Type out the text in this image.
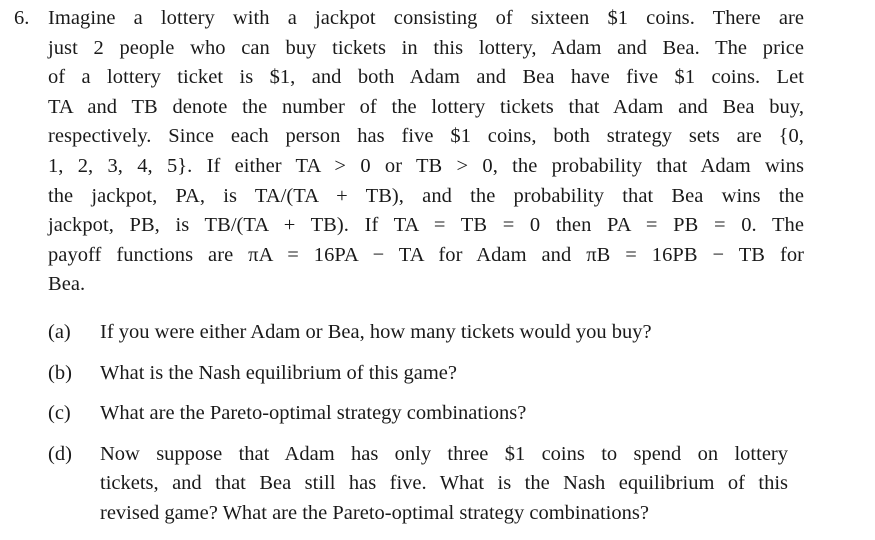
6. Imagine a lottery with a jackpot consisting of sixteen $1 coins. There are
just 2 people who can buy tickets in this lottery, Adam and Bea. The price
of a lottery ticket is $1, and both Adam and Bea have five $1 coins. Let
TA and TB denote the number of the lottery tickets that Adam and Bea buy,
respectively. Since each person has five $1 coins, both strategy sets are {0,
1, 2, 3, 4, 5}. If either TA > 0 or TB > 0, the probability that Adam wins
the jackpot, PA, is TA/(TA + TB), and the probability that Bea wins the
jackpot, PB, is TB/(TA + TB). If TA = TB = 0 then PA = PB = 0. The
payoff functions are πA = 16PA − TA for Adam and πB = 16PB − TB for
Bea.
(a) If you were either Adam or Bea, how many tickets would you buy?
(b) What is the Nash equilibrium of this game?
(c) What are the Pareto-optimal strategy combinations?
(d) Now suppose that Adam has only three $1 coins to spend on lottery
tickets, and that Bea still has five. What is the Nash equilibrium of this
revised game? What are the Pareto-optimal strategy combinations?
